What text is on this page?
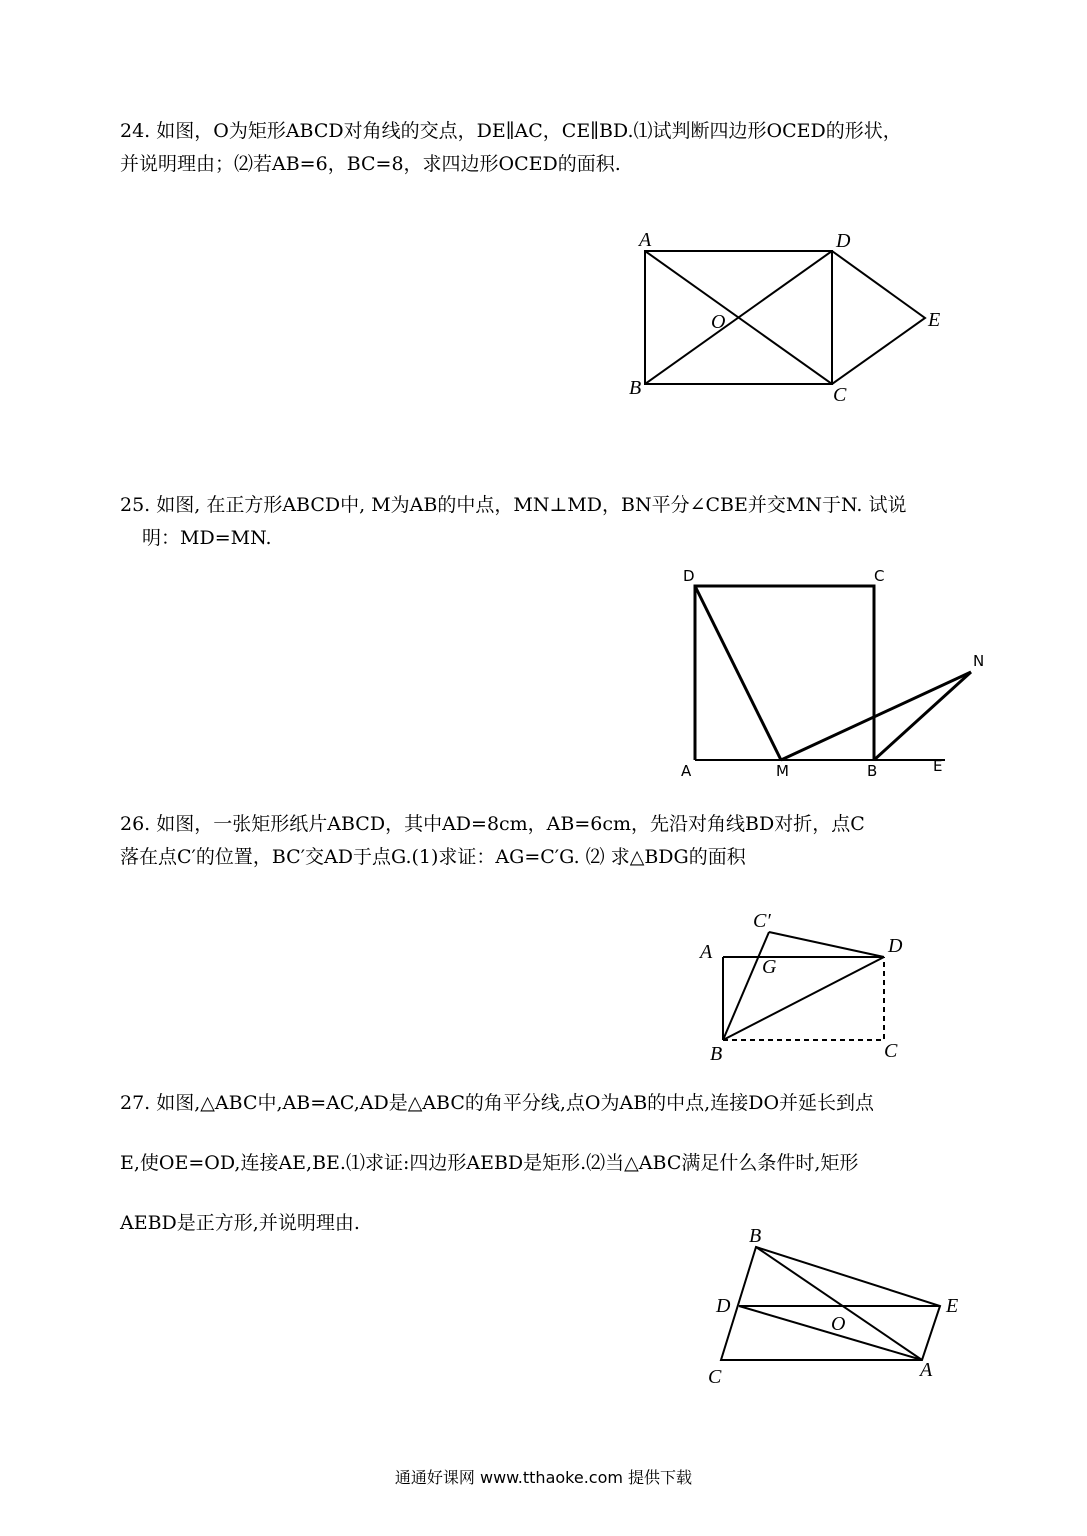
24. 如图，O为矩形ABCD对角线的交点，DE∥AC，CE∥BD.⑴试判断四边形OCED的形状，
并说明理由；⑵若AB=6，BC=8，求四边形OCED的面积.
25. 如图, 在正方形ABCD中, M为AB的中点，MN⊥MD，BN平分∠CBE并交MN于N. 试说
明：MD=MN.
26. 如图，一张矩形纸片ABCD，其中AD=8cm，AB=6cm，先沿对角线BD对折，点C
落在点C′的位置，BC′交AD于点G.(1)求证：AG=C′G. ⑵ 求△BDG的面积
27. 如图,△ABC中,AB=AC,AD是△ABC的角平分线,点O为AB的中点,连接DO并延长到点
E,使OE=OD,连接AE,BE.⑴求证:四边形AEBD是矩形.⑵当△ABC满足什么条件时,矩形
AEBD是正方形,并说明理由.
A
B	C
D
E
O
A	B
C
D
E
M
N
A
B	C
D
G
C′
A
B
C
D	E
O
通通好课网 www.tthaoke.com 提供下载
